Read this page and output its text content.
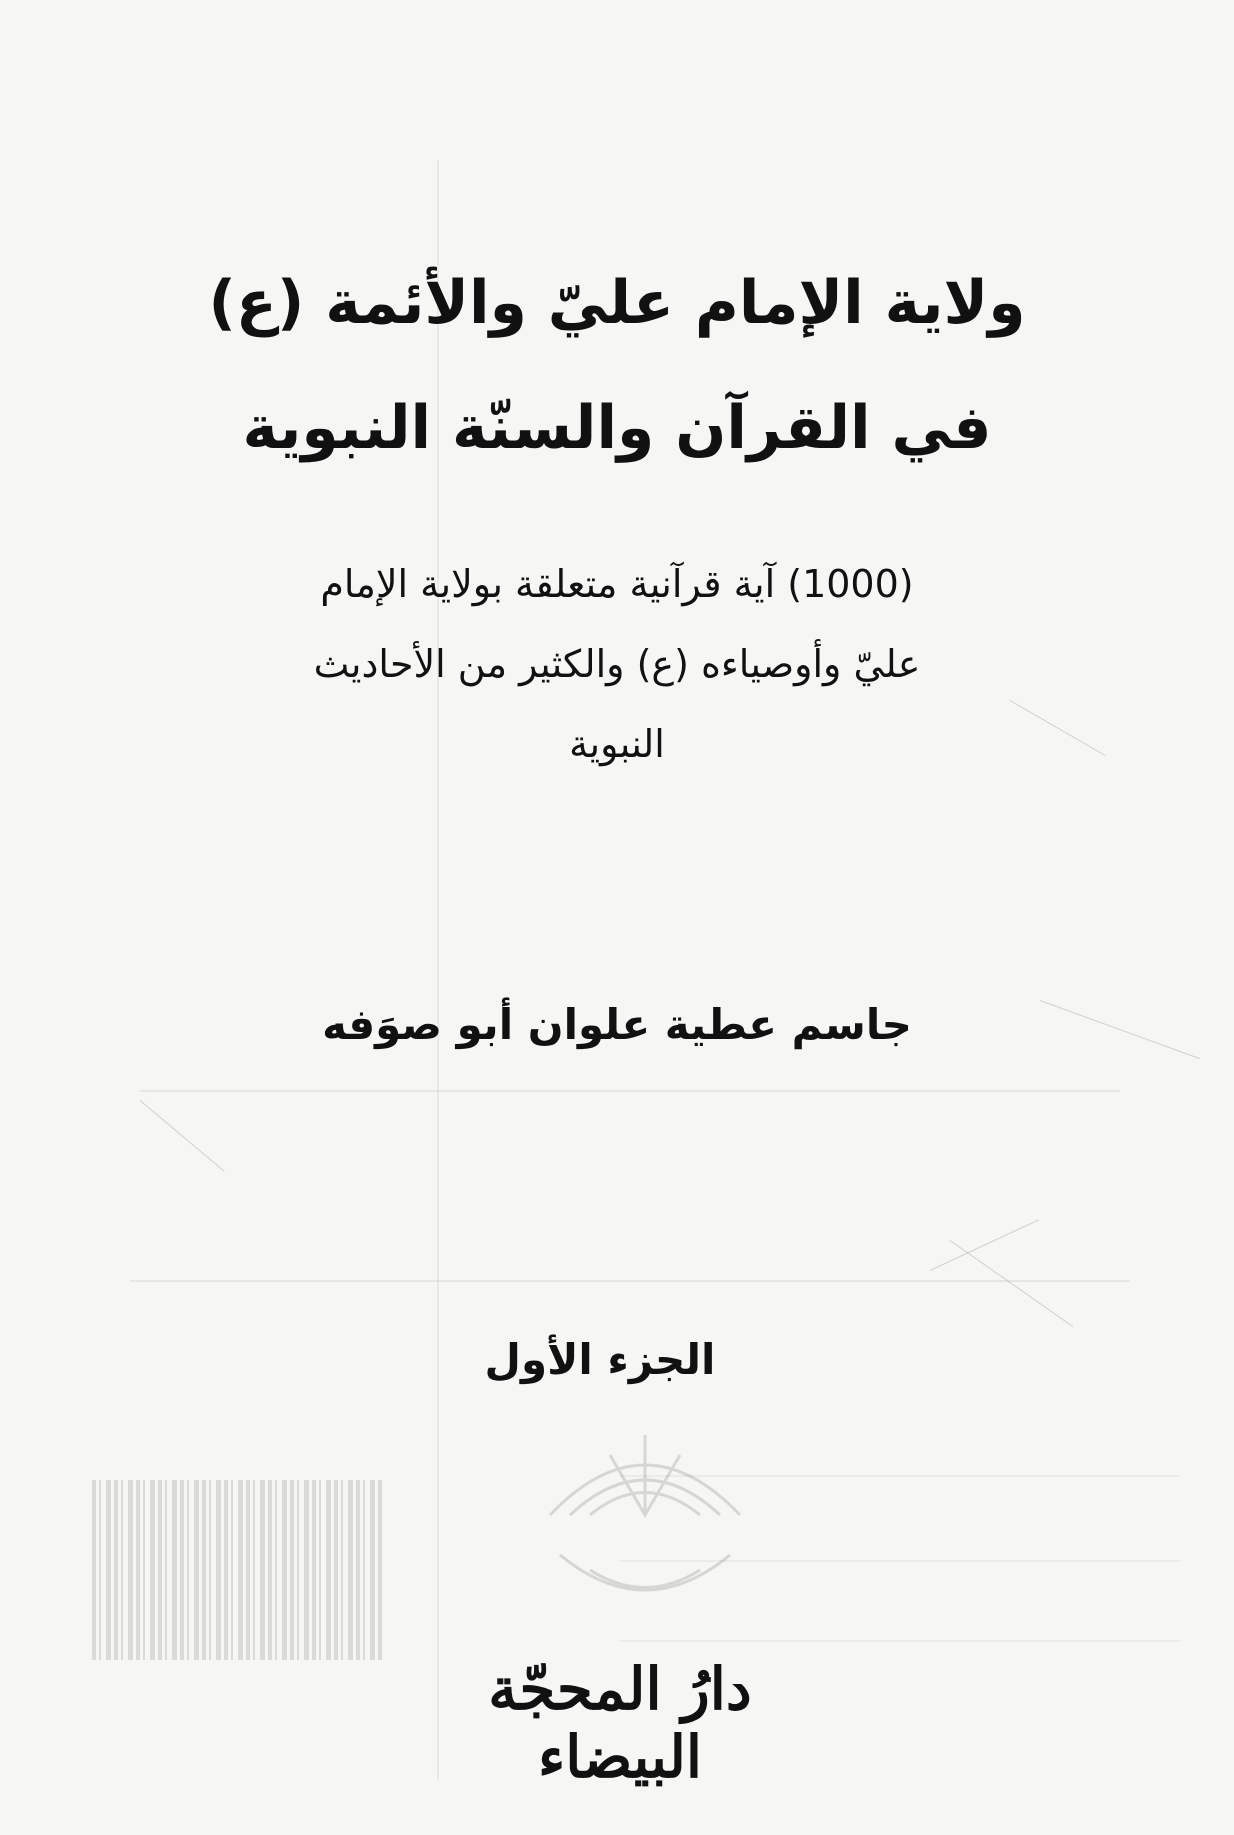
ولاية الإمام عليّ والأئمة (ع)
في القرآن والسنّة النبوية
(1000) آية قرآنية متعلقة بولاية الإمام
عليّ وأوصياءه (ع) والكثير من الأحاديث
النبوية
جاسم عطية علوان أبو صوَفه
الجزء الأول
دارُ المحجّة البيضاء
